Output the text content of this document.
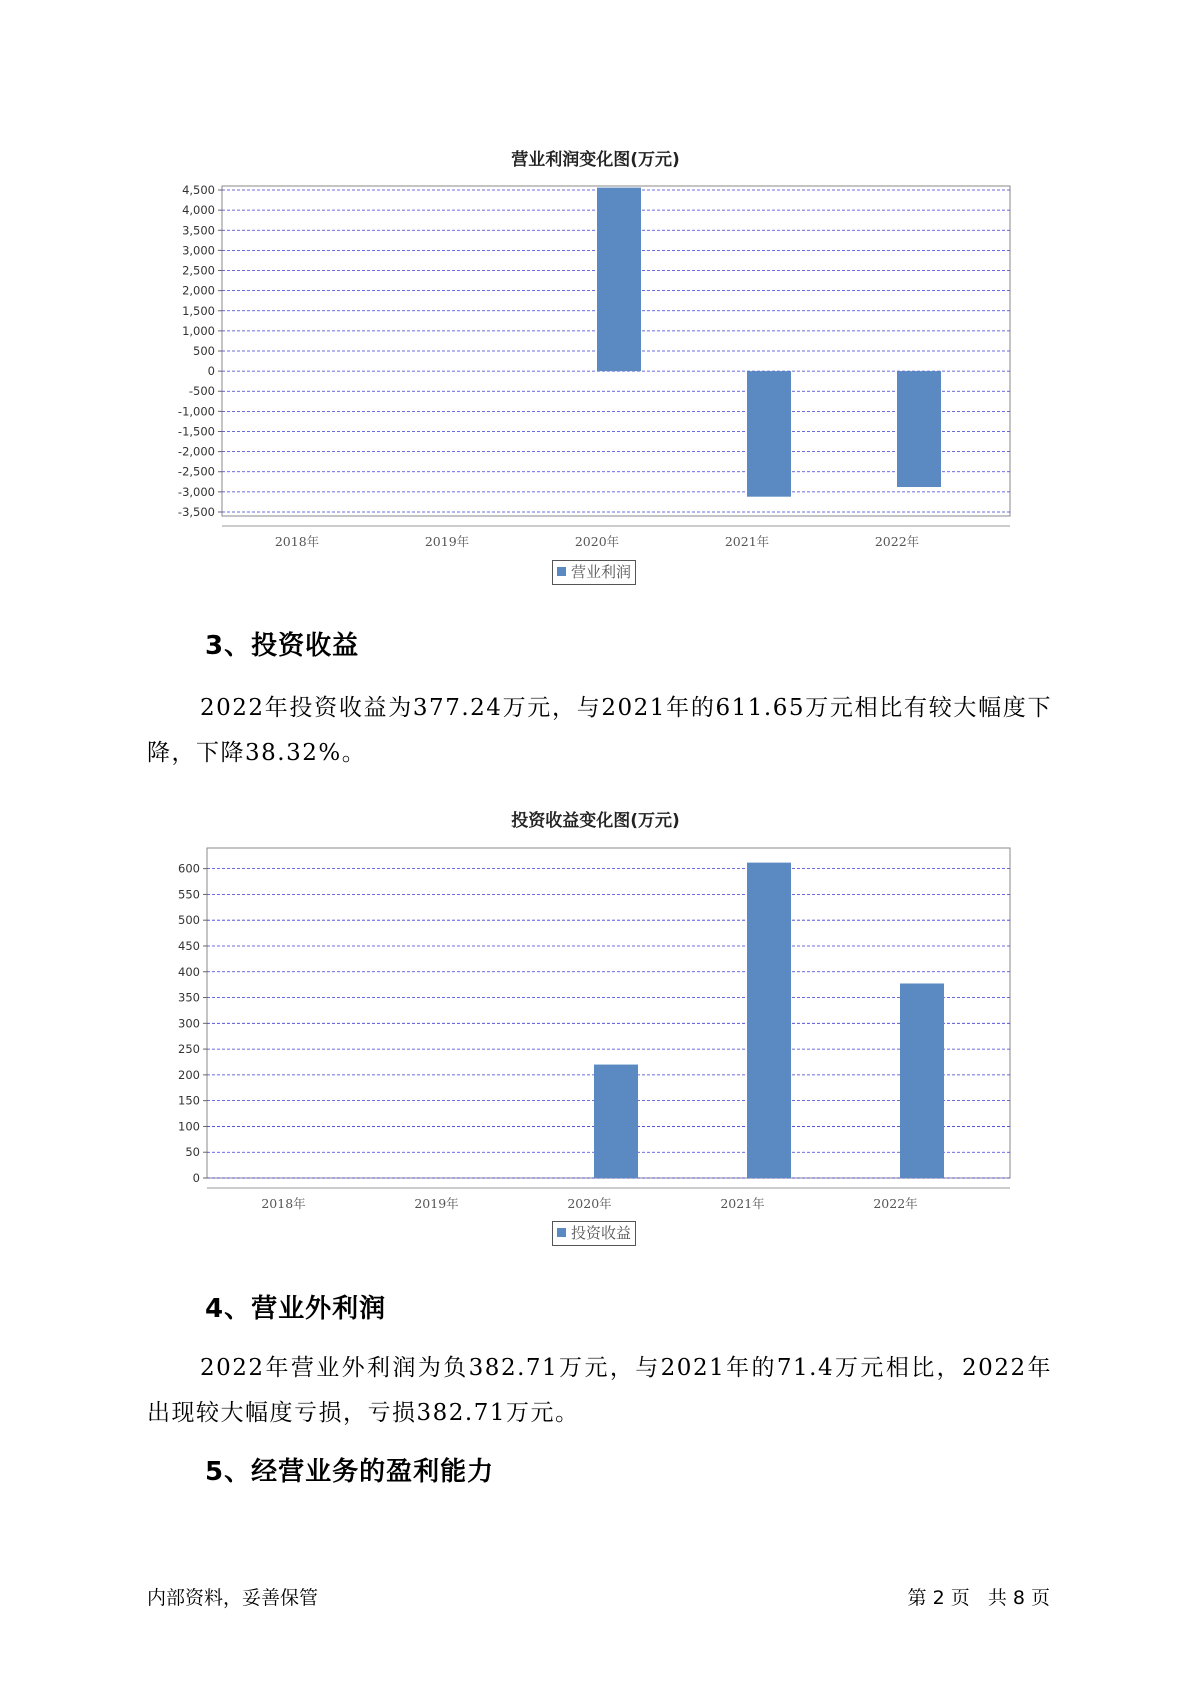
营业利润变化图(万元)
4,500
4,000
3,500
3,000
2,500
2,000
1,500
1,000
500
0
-500
-1,000
-1,500
-2,000
-2,500
-3,000
-3,500
2018年	2019年	2020年	2021年	2022年
营业利润
3、投资收益
2022年投资收益为377.24万元，与2021年的611.65万元相比有较大幅度下降，下降38.32%。
投资收益变化图(万元)
600
550
500
450
400
350
300
250
200
150
100
50
0
2018年	2019年	2020年	2021年	2022年
投资收益
4、营业外利润
2022年营业外利润为负382.71万元，与2021年的71.4万元相比，2022年出现较大幅度亏损，亏损382.71万元。
5、经营业务的盈利能力
内部资料，妥善保管	第 2 页   共 8 页
